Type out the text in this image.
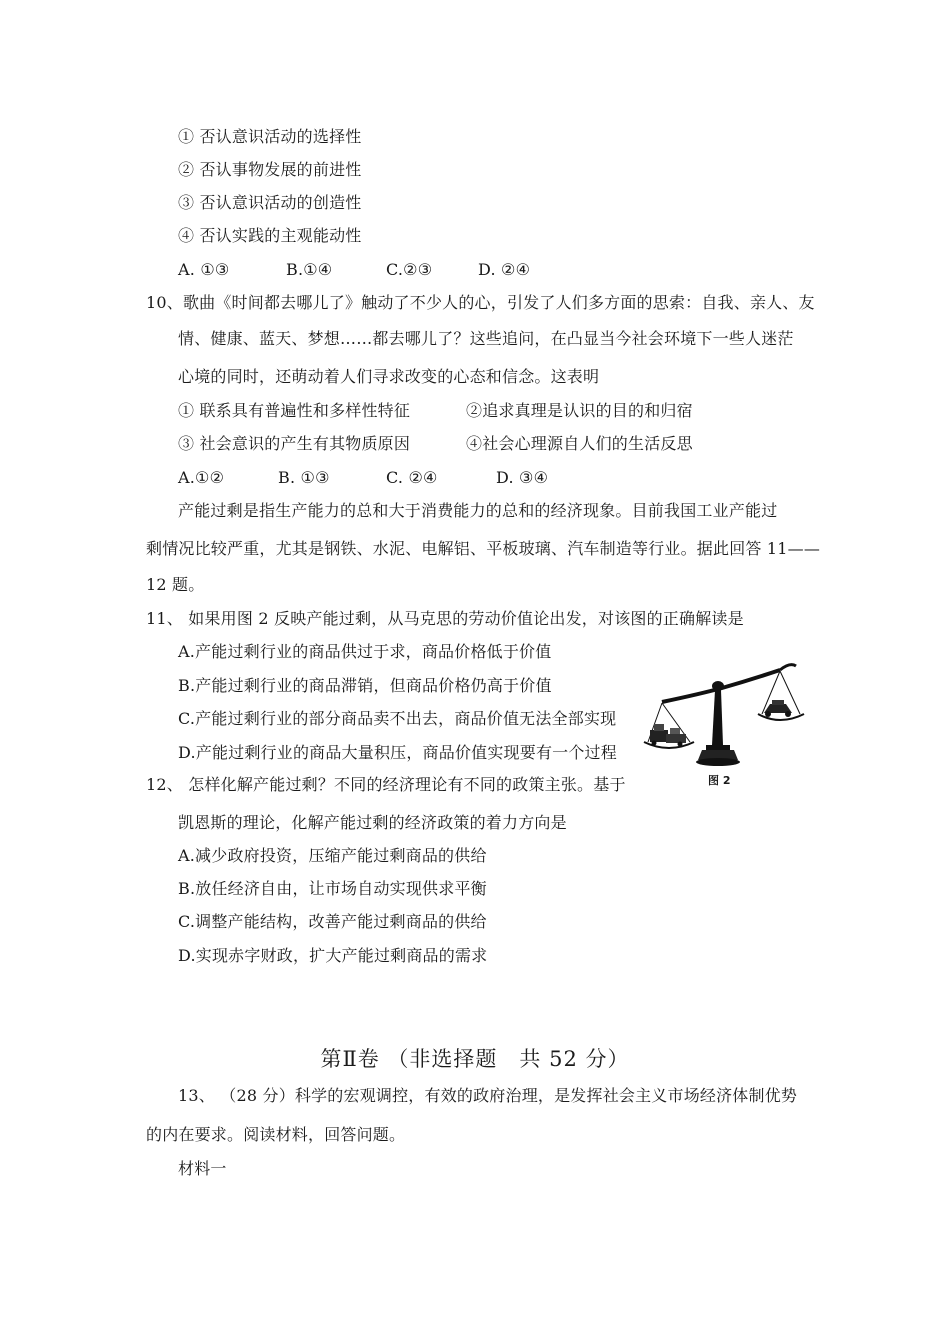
① 否认意识活动的选择性
② 否认事物发展的前进性
③ 否认意识活动的创造性
④ 否认实践的主观能动性
A. ①③	B.①④	C.②③	D. ②④
10、歌曲《时间都去哪儿了》触动了不少人的心，引发了人们多方面的思索：自我、亲人、友
情、健康、蓝天、梦想……都去哪儿了？这些追问，在凸显当今社会环境下一些人迷茫
心境的同时，还萌动着人们寻求改变的心态和信念。这表明
① 联系具有普遍性和多样性特征	②追求真理是认识的目的和归宿
③ 社会意识的产生有其物质原因	④社会心理源自人们的生活反思
A.①②	B. ①③	C. ②④	D. ③④
产能过剩是指生产能力的总和大于消费能力的总和的经济现象。目前我国工业产能过
剩情况比较严重，尤其是钢铁、水泥、电解铝、平板玻璃、汽车制造等行业。据此回答 11——
12 题。
11、 如果用图 2 反映产能过剩，从马克思的劳动价值论出发，对该图的正确解读是
A.产能过剩行业的商品供过于求，商品价格低于价值
B.产能过剩行业的商品滞销，但商品价格仍高于价值
C.产能过剩行业的部分商品卖不出去，商品价值无法全部实现
D.产能过剩行业的商品大量积压，商品价值实现要有一个过程
图 2
12、 怎样化解产能过剩？不同的经济理论有不同的政策主张。基于
凯恩斯的理论，化解产能过剩的经济政策的着力方向是
A.减少政府投资，压缩产能过剩商品的供给
B.放任经济自由，让市场自动实现供求平衡
C.调整产能结构，改善产能过剩商品的供给
D.实现赤字财政，扩大产能过剩商品的需求
第Ⅱ卷 （非选择题　共 52 分）
13、 （28 分）科学的宏观调控，有效的政府治理，是发挥社会主义市场经济体制优势
的内在要求。阅读材料，回答问题。
材料一
